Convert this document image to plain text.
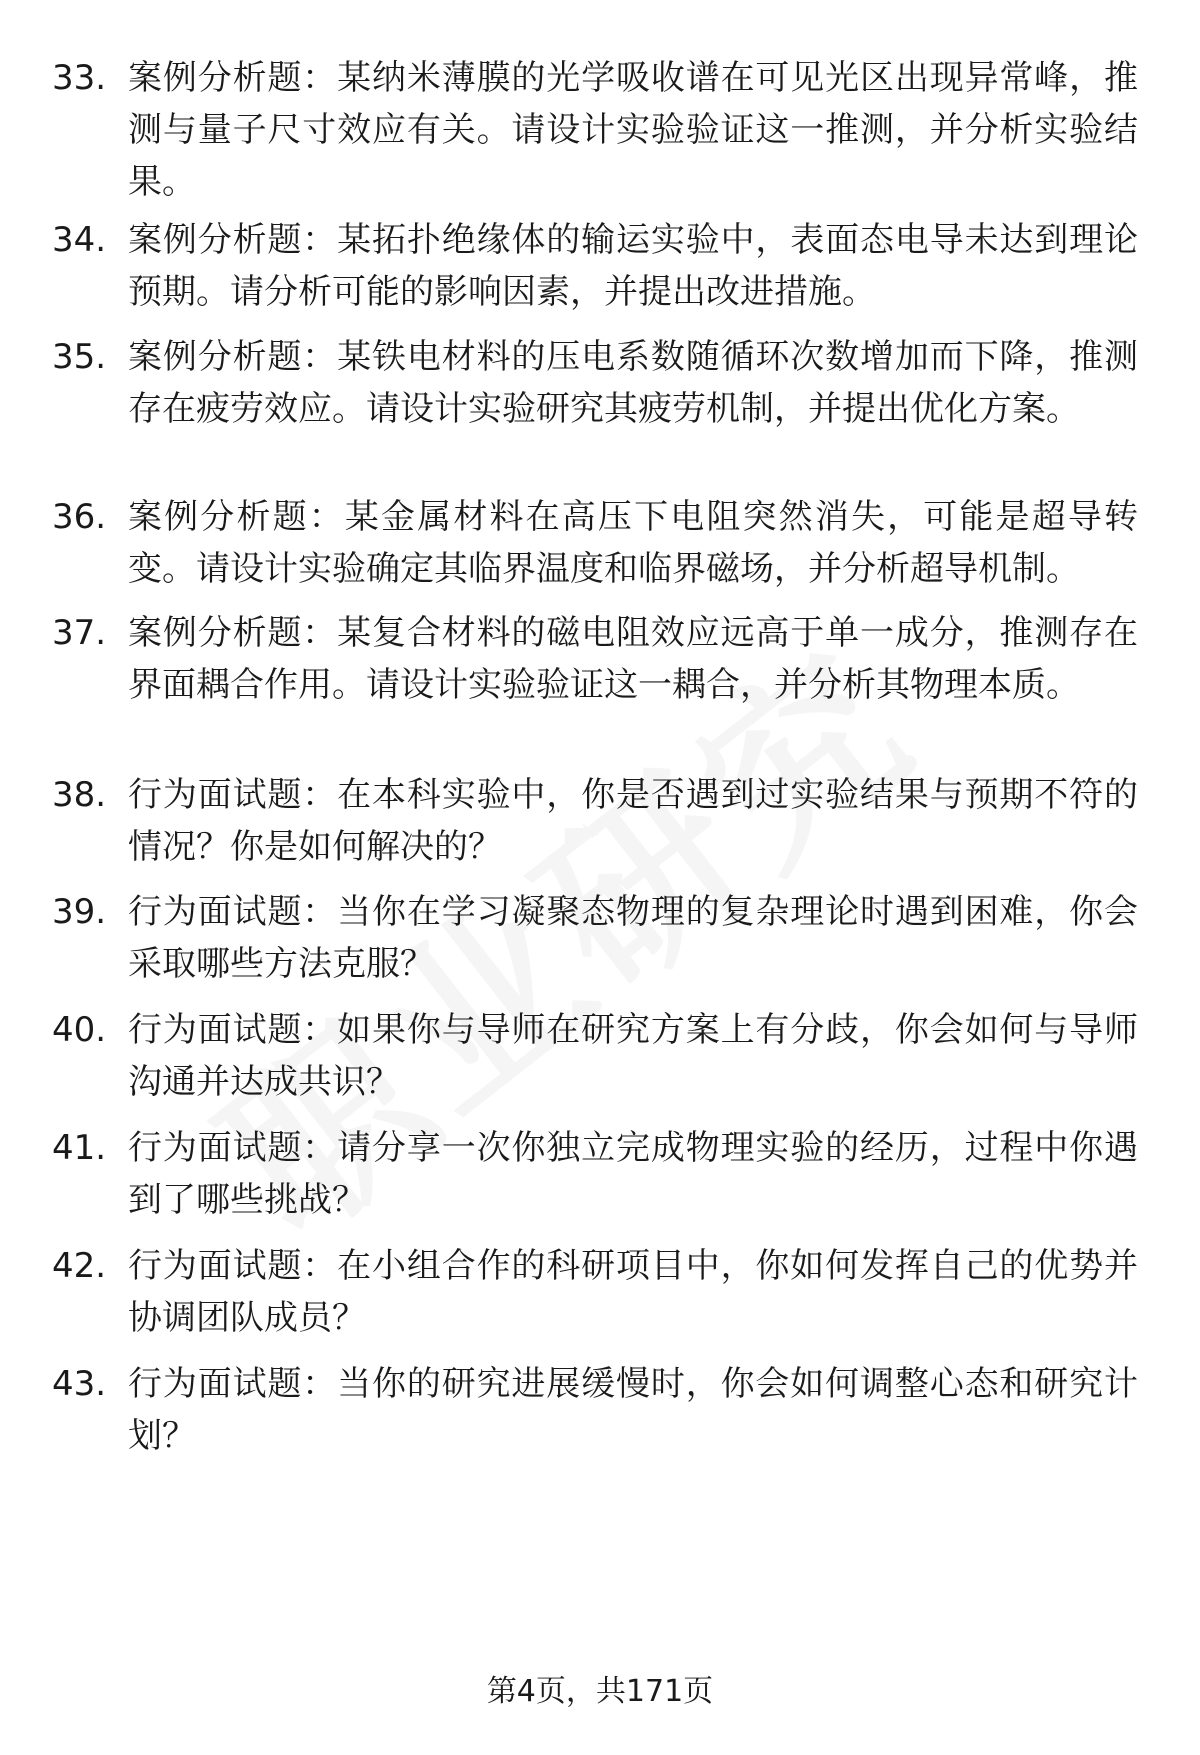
33. 案例分析题：某纳米薄膜的光学吸收谱在可见光区出现异常峰，推测与量子尺寸效应有关。请设计实验验证这一推测，并分析实验结果。
34. 案例分析题：某拓扑绝缘体的输运实验中，表面态电导未达到理论预期。请分析可能的影响因素，并提出改进措施。
35. 案例分析题：某铁电材料的压电系数随循环次数增加而下降，推测存在疲劳效应。请设计实验研究其疲劳机制，并提出优化方案。
36. 案例分析题：某金属材料在高压下电阻突然消失，可能是超导转变。请设计实验确定其临界温度和临界磁场，并分析超导机制。
37. 案例分析题：某复合材料的磁电阻效应远高于单一成分，推测存在界面耦合作用。请设计实验验证这一耦合，并分析其物理本质。
38. 行为面试题：在本科实验中，你是否遇到过实验结果与预期不符的情况？你是如何解决的？
39. 行为面试题：当你在学习凝聚态物理的复杂理论时遇到困难，你会采取哪些方法克服？
40. 行为面试题：如果你与导师在研究方案上有分歧，你会如何与导师沟通并达成共识？
41. 行为面试题：请分享一次你独立完成物理实验的经历，过程中你遇到了哪些挑战？
42. 行为面试题：在小组合作的科研项目中，你如何发挥自己的优势并协调团队成员？
43. 行为面试题：当你的研究进展缓慢时，你会如何调整心态和研究计划？
第4页，共171页
